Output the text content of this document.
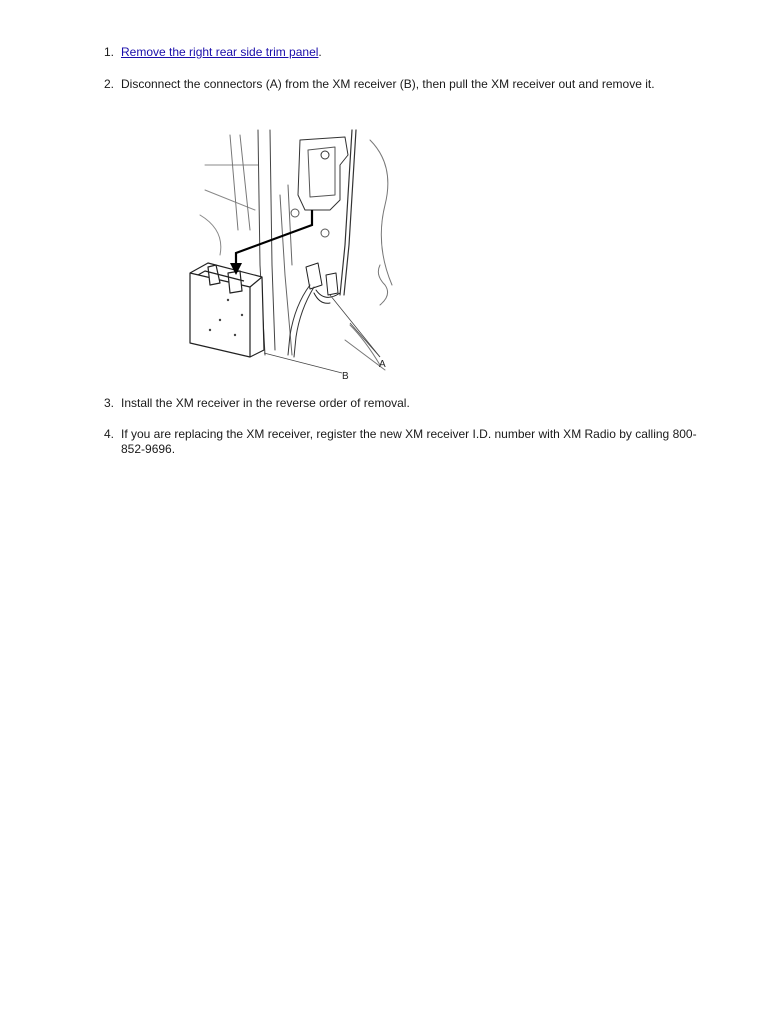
1. Remove the right rear side trim panel.
2. Disconnect the connectors (A) from the XM receiver (B), then pull the XM receiver out and remove it.
A
B
3. Install the XM receiver in the reverse order of removal.
4. If you are replacing the XM receiver, register the new XM receiver I.D. number with XM Radio by calling 800-852-9696.
